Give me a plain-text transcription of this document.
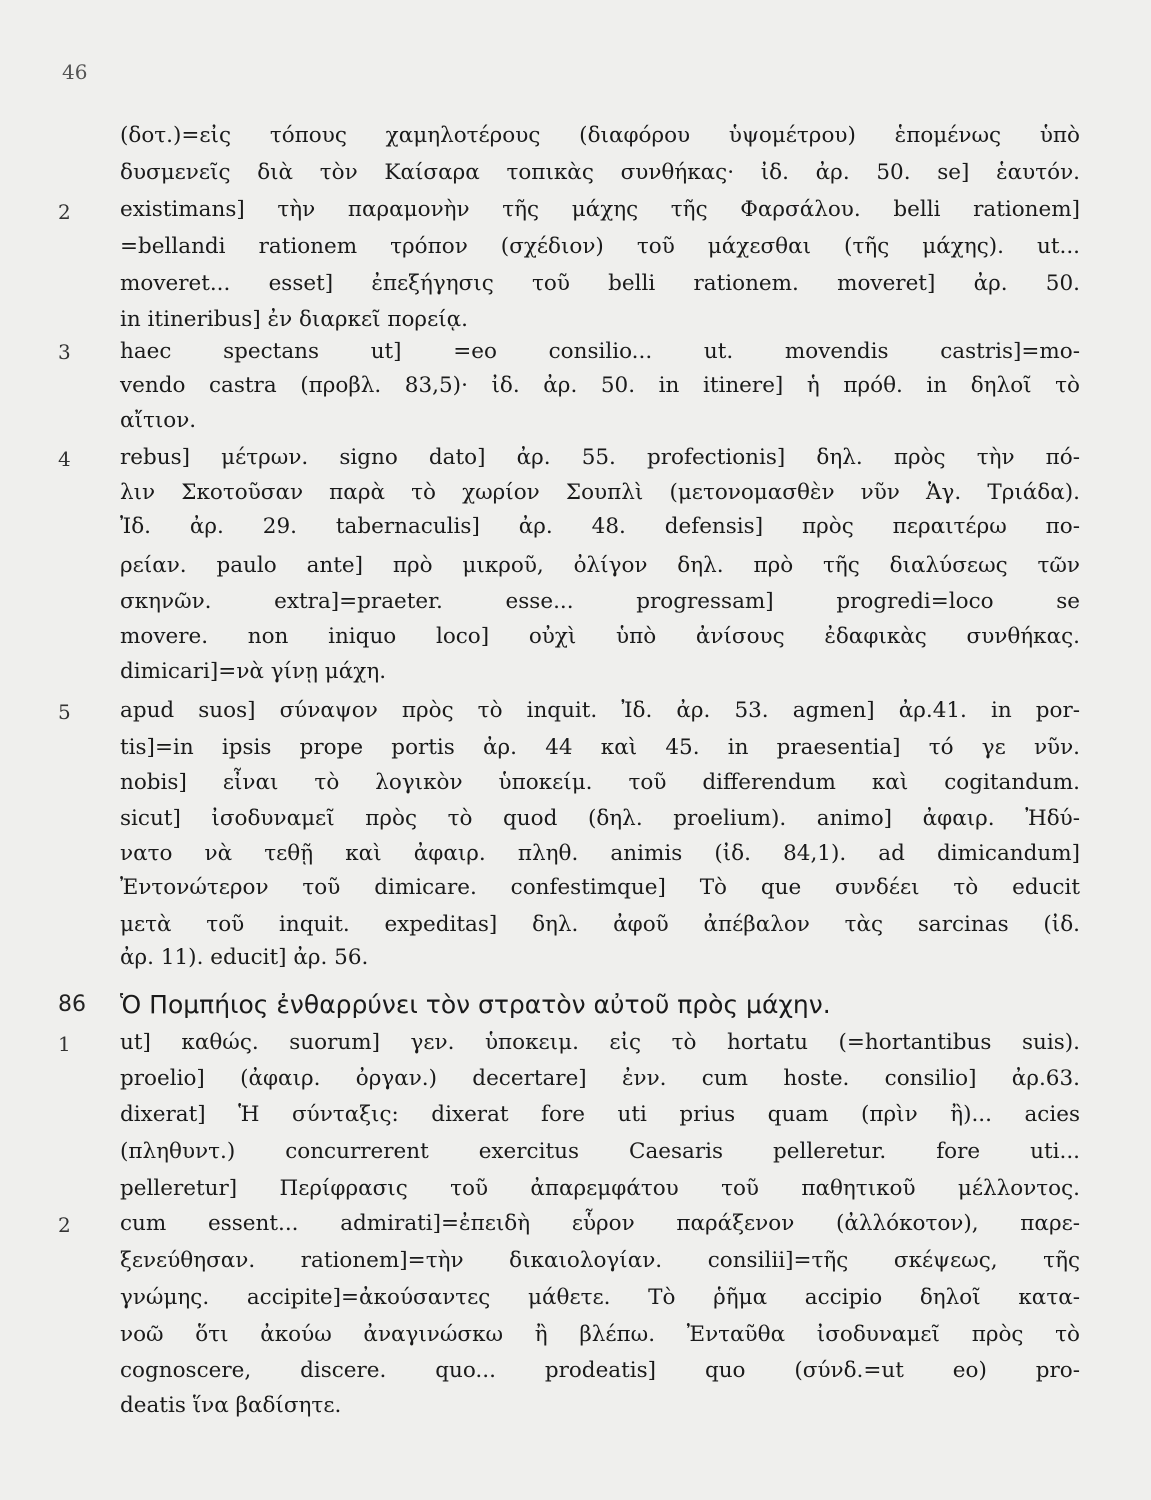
46
2
3
4
5
86
1
2
Ὁ Πομπήιος ἐνθαρρύνει τὸν στρατὸν αὐτοῦ πρὸς μάχην.
(δοτ.)=εἰς τόπους χαμηλοτέρους (διαφόρου ὑψομέτρου) ἑπομένως ὑπὸ
δυσμενεῖς διὰ τὸν Καίσαρα τοπικὰς συνθήκας· ἰδ. ἀρ. 50. se] ἑαυτόν.
existimans] τὴν παραμονὴν τῆς μάχης τῆς Φαρσάλου. belli rationem]
=bellandi rationem τρόπον (σχέδιον) τοῦ μάχεσθαι (τῆς μάχης). ut...
moveret... esset] ἐπεξήγησις τοῦ belli rationem. moveret] ἀρ. 50.
in itineribus] ἐν διαρκεῖ πορείᾳ.
haec spectans ut] =eo consilio... ut. movendis castris]=mo-
vendo castra (προβλ. 83,5)· ἰδ. ἀρ. 50. in itinere] ἡ πρόθ. in δηλοῖ τὸ
αἴτιον.
rebus] μέτρων. signo dato] ἀρ. 55. profectionis] δηλ. πρὸς τὴν πό-
λιν Σκοτοῦσαν παρὰ τὸ χωρίον Σουπλὶ (μετονομασθὲν νῦν Ἁγ. Τριάδα).
Ἰδ. ἀρ. 29. tabernaculis] ἀρ. 48. defensis] πρὸς περαιτέρω πο-
ρείαν. paulo ante] πρὸ μικροῦ, ὀλίγον δηλ. πρὸ τῆς διαλύσεως τῶν
σκηνῶν. extra]=praeter. esse... progressam] progredi=loco se
movere. non iniquo loco] οὐχὶ ὑπὸ ἀνίσους ἐδαφικὰς συνθήκας.
dimicari]=νὰ γίνῃ μάχη.
apud suos] σύναψον πρὸς τὸ inquit. Ἰδ. ἀρ. 53. agmen] ἀρ.41. in por-
tis]=in ipsis prope portis ἀρ. 44 καὶ 45. in praesentia] τό γε νῦν.
nobis] εἶναι τὸ λογικὸν ὑποκείμ. τοῦ differendum καὶ cogitandum.
sicut] ἰσοδυναμεῖ πρὸς τὸ quod (δηλ. proelium). animo] ἀφαιρ. Ἠδύ-
νατο νὰ τεθῇ καὶ ἀφαιρ. πληθ. animis (ἰδ. 84,1). ad dimicandum]
Ἐντονώτερον τοῦ dimicare. confestimque] Τὸ que συνδέει τὸ educit
μετὰ τοῦ inquit. expeditas] δηλ. ἀφοῦ ἀπέβαλον τὰς sarcinas (ἰδ.
ἀρ. 11). educit] ἀρ. 56.
ut] καθώς. suorum] γεν. ὑποκειμ. εἰς τὸ hortatu (=hortantibus suis).
proelio] (ἀφαιρ. ὀργαν.) decertare] ἐνν. cum hoste. consilio] ἀρ.63.
dixerat] Ἡ σύνταξις: dixerat fore uti prius quam (πρὶν ἢ)... acies
(πληθυντ.) concurrerent exercitus Caesaris pelleretur. fore uti...
pelleretur] Περίφρασις τοῦ ἀπαρεμφάτου τοῦ παθητικοῦ μέλλοντος.
cum essent... admirati]=ἐπειδὴ εὗρον παράξενον (ἀλλόκοτον), παρε-
ξενεύθησαν. rationem]=τὴν δικαιολογίαν. consilii]=τῆς σκέψεως, τῆς
γνώμης. accipite]=ἀκούσαντες μάθετε. Τὸ ῥῆμα accipio δηλοῖ κατα-
νοῶ ὅτι ἀκούω ἀναγινώσκω ἢ βλέπω. Ἐνταῦθα ἰσοδυναμεῖ πρὸς τὸ
cognoscere, discere. quo... prodeatis] quo (σύνδ.=ut eo) pro-
deatis ἵνα βαδίσητε.
